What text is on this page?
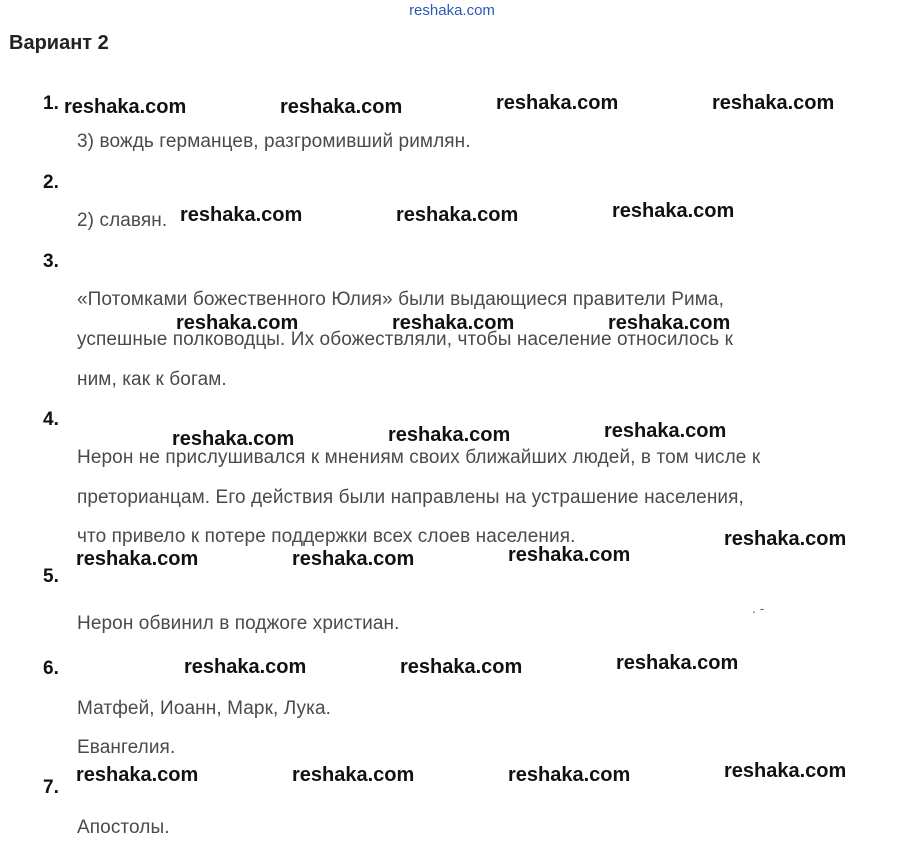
reshaka.com
Вариант 2
1.
3) вождь германцев, разгромивший римлян.
2.
2) славян.
3.
«Потомками божественного Юлия» были выдающиеся правители Рима,
успешные полководцы. Их обожествляли, чтобы население относилось к
ним, как к богам.
4.
Нерон не прислушивался к мнениям своих ближайших людей, в том числе к
преторианцам. Его действия были направлены на устрашение населения,
что привело к потере поддержки всех слоев населения.
5.
Нерон обвинил в поджоге христиан.
. -
6.
Матфей, Иоанн, Марк, Лука.
Евангелия.
7.
Апостолы.
reshaka.com	reshaka.com	reshaka.com	reshaka.com
reshaka.com	reshaka.com	reshaka.com
reshaka.com	reshaka.com	reshaka.com
reshaka.com	reshaka.com	reshaka.com
reshaka.com	reshaka.com	reshaka.com
reshaka.com
reshaka.com	reshaka.com	reshaka.com
reshaka.com	reshaka.com	reshaka.com	reshaka.com
